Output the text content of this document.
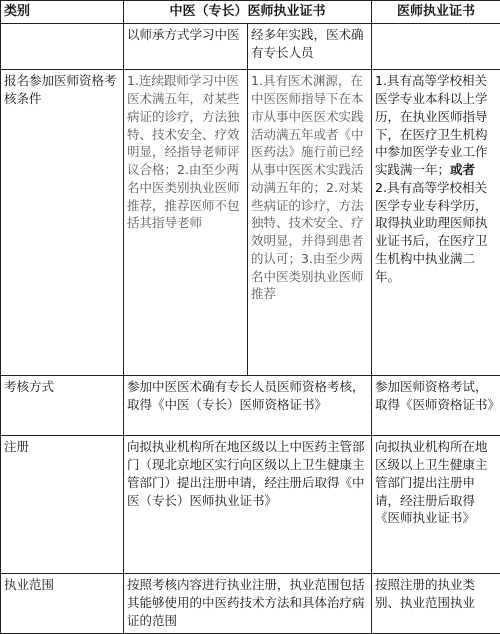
类别	中医（专长）医师执业证书		医师执业证书
	以师承方式学习中医	经多年实践，医术确有专长人员	
报名参加医师资格考核条件	1.连续跟师学习中医医术满五年，对某些病证的诊疗，方法独特、技术安全、疗效明显，经指导老师评议合格；2.由至少两名中医类别执业医师推荐，推荐医师不包括其指导老师	1.具有医术渊源，在中医医师指导下在本市从事中医医术实践活动满五年或者《中医药法》施行前已经从事中医医术实践活动满五年的；2.对某些病证的诊疗，方法独特、技术安全、疗效明显，并得到患者的认可；3.由至少两名中医类别执业医师推荐	1.具有高等学校相关医学专业本科以上学历，在执业医师指导下，在医疗卫生机构中参加医学专业工作实践满一年；或者
2.具有高等学校相关医学专业专科学历，取得执业助理医师执业证书后，在医疗卫生机构中执业满二年。
考核方式	参加中医医术确有专长人员医师资格考核，取得《中医（专长）医师资格证书》		参加医师资格考试，取得《医师资格证书》
注册	向拟执业机构所在地区级以上中医药主管部门（现北京地区实行向区级以上卫生健康主管部门）提出注册申请，经注册后取得《中医（专长）医师执业证书》		向拟执业机构所在地区级以上卫生健康主管部门提出注册申请，经注册后取得《医师执业证书》
执业范围	按照考核内容进行执业注册，执业范围包括其能够使用的中医药技术方法和具体治疗病证的范围		按照注册的执业类别、执业范围执业
